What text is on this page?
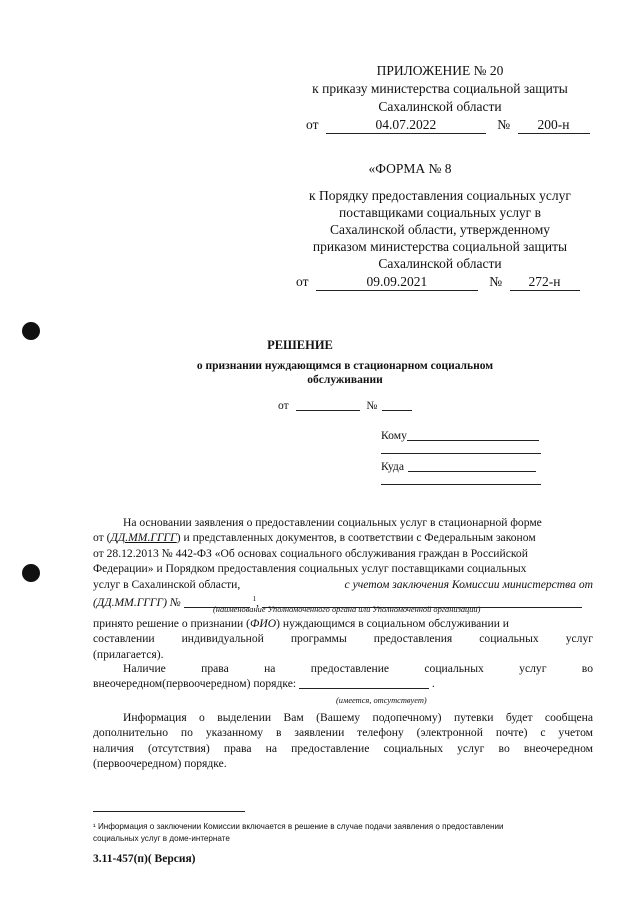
ПРИЛОЖЕНИЕ № 20
к приказу министерства социальной защиты
Сахалинской области
от	04.07.2022	№ 200-н
«ФОРМА № 8
к Порядку предоставления социальных услуг
поставщиками социальных услуг в
Сахалинской области, утвержденному
приказом министерства социальной защиты
Сахалинской области
от	09.09.2021	№ 272-н
РЕШЕНИЕ
о признании нуждающимся в стационарном социальном
обслуживании
от	№
Кому
Куда
На основании заявления о предоставлении социальных услуг в стационарной форме
от (ДД.ММ.ГГГГ) и представленных документов, в соответствии с Федеральным законом
от 28.12.2013 № 442-ФЗ «Об основах социального обслуживания граждан в Российской
Федерации» и Порядком предоставления социальных услуг поставщиками социальных
услуг в Сахалинской области,	с учетом заключения Комиссии министерства от
(ДД.ММ.ГГГГ) №	$^1$,
(наименование Уполномоченного органа или Уполномоченной организации)
принято решение о признании (ФИО) нуждающимся в социальном обслуживании и
составлении индивидуальной программы предоставления социальных услуг
(прилагается).
Наличие права на предоставление социальных услуг во
внеочередном(первоочередном) порядке:	.
(имеется, отсутствует)
Информация о выделении Вам (Вашему подопечному) путевки будет сообщена
дополнительно по указанному в заявлении телефону (электронной почте) с учетом
наличия (отсутствия) права на предоставление социальных услуг во внеочередном
(первоочередном) порядке.
¹ Информация о заключении Комиссии включается в решение в случае подачи заявления о предоставлении
социальных услуг в доме-интернате
3.11-457(п)( Версия)
